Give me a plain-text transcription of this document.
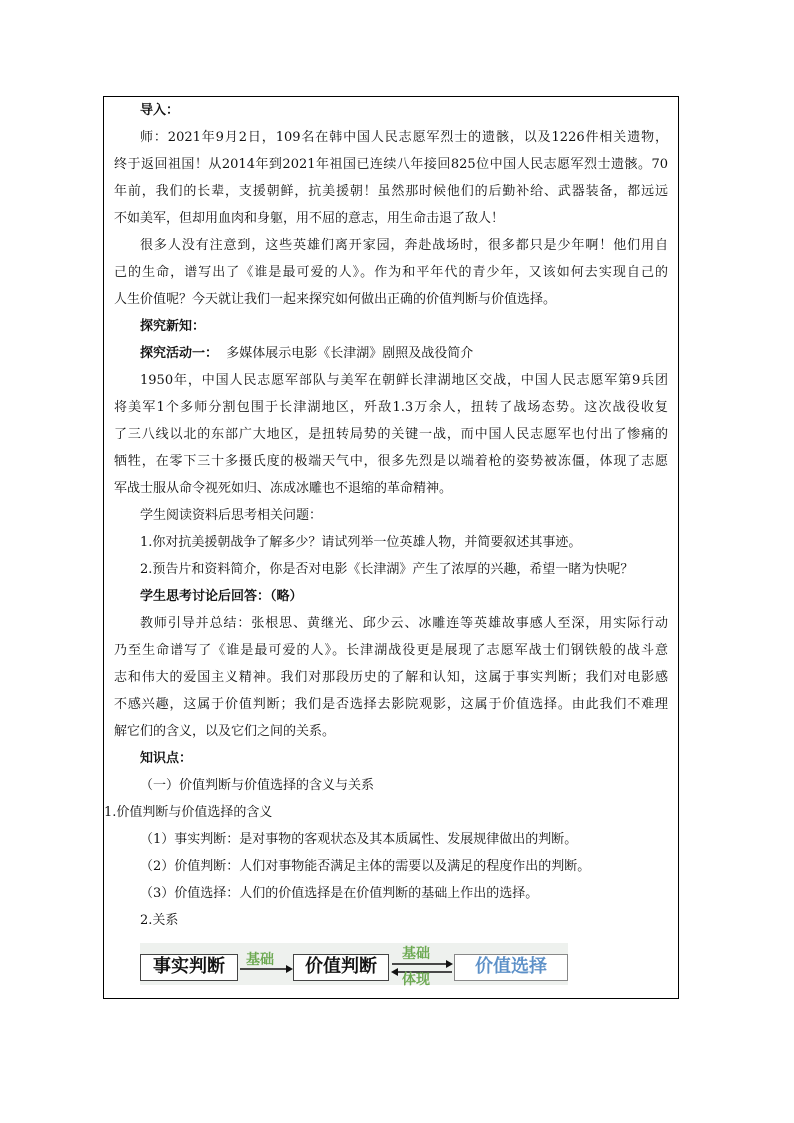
导入：
师：2021年9月2日，109名在韩中国人民志愿军烈士的遗骸，以及1226件相关遗物，
终于返回祖国！从2014年到2021年祖国已连续八年接回825位中国人民志愿军烈士遗骸。70
年前，我们的长辈，支援朝鲜，抗美援朝！虽然那时候他们的后勤补给、武器装备，都远远
不如美军，但却用血肉和身躯，用不屈的意志，用生命击退了敌人！
很多人没有注意到，这些英雄们离开家园，奔赴战场时，很多都只是少年啊！他们用自
己的生命，谱写出了《谁是最可爱的人》。作为和平年代的青少年，又该如何去实现自己的
人生价值呢？今天就让我们一起来探究如何做出正确的价值判断与价值选择。
探究新知：
探究活动一： 多媒体展示电影《长津湖》剧照及战役简介
1950年，中国人民志愿军部队与美军在朝鲜长津湖地区交战，中国人民志愿军第9兵团
将美军1个多师分割包围于长津湖地区，歼敌1.3万余人，扭转了战场态势。这次战役收复
了三八线以北的东部广大地区，是扭转局势的关键一战，而中国人民志愿军也付出了惨痛的
牺牲，在零下三十多摄氏度的极端天气中，很多先烈是以端着枪的姿势被冻僵，体现了志愿
军战士服从命令视死如归、冻成冰雕也不退缩的革命精神。
学生阅读资料后思考相关问题：
1.你对抗美援朝战争了解多少？请试列举一位英雄人物，并简要叙述其事迹。
2.预告片和资料简介，你是否对电影《长津湖》产生了浓厚的兴趣，希望一睹为快呢？
学生思考讨论后回答：（略）
教师引导并总结：张根思、黄继光、邱少云、冰雕连等英雄故事感人至深，用实际行动
乃至生命谱写了《谁是最可爱的人》。长津湖战役更是展现了志愿军战士们钢铁般的战斗意
志和伟大的爱国主义精神。我们对那段历史的了解和认知，这属于事实判断；我们对电影感
不感兴趣，这属于价值判断；我们是否选择去影院观影，这属于价值选择。由此我们不难理
解它们的含义，以及它们之间的关系。
知识点：
（一）价值判断与价值选择的含义与关系
1.价值判断与价值选择的含义
（1）事实判断：是对事物的客观状态及其本质属性、发展规律做出的判断。
（2）价值判断：人们对事物能否满足主体的需要以及满足的程度作出的判断。
（3）价值选择：人们的价值选择是在价值判断的基础上作出的选择。
2.关系
事实判断	基础	价值判断
基础
体现
价值选择
